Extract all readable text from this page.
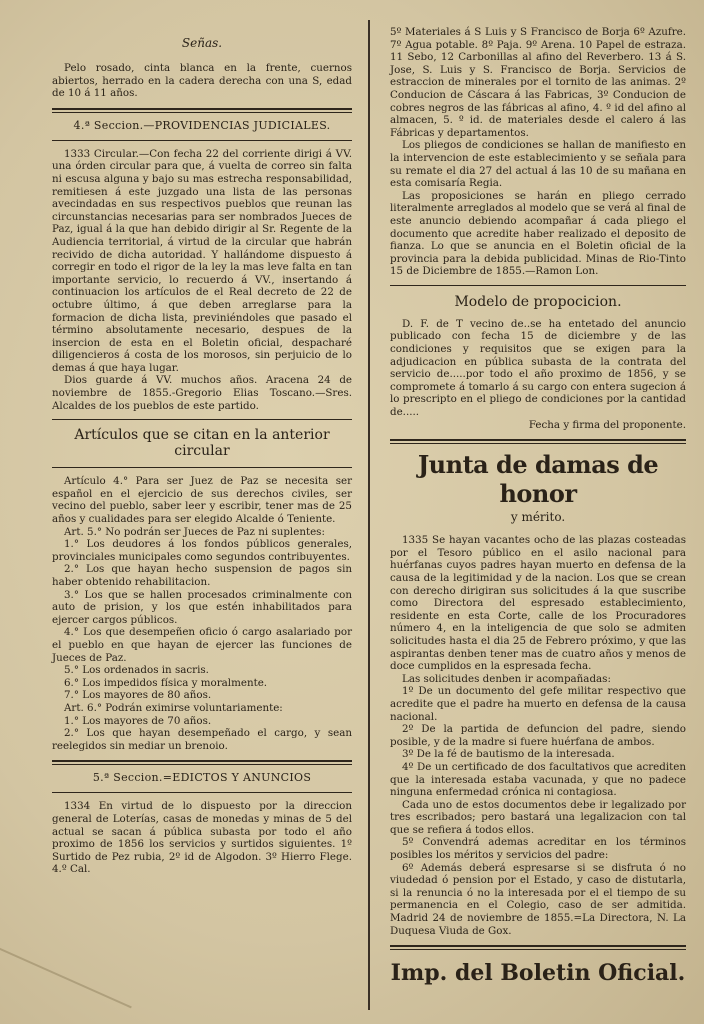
Señas.

Pelo rosado, cinta blanca en la frente, cuernos abiertos, herrado en la cadera derecha con una S, edad de 10 á 11 años.

4.ª Seccion.—PROVIDENCIAS JUDICIALES.

1333 Circular.—Con fecha 22 del corriente dirigi á VV. una órden circular para que, á vuelta de correo sin falta ni escusa alguna y bajo su mas estrecha responsabilidad, remitiesen á este juzgado una lista de las personas avecindadas en sus respectivos pueblos que reunan las circunstancias necesarias para ser nombrados Jueces de Paz, igual á la que han debido dirigir al Sr. Regente de la Audiencia territorial, á virtud de la circular que habrán recivido de dicha autoridad. Y hallándome dispuesto á corregir en todo el rigor de la ley la mas leve falta en tan importante servicio, lo recuerdo á VV., insertando á continuacion los artículos de el Real decreto de 22 de octubre último, á que deben arreglarse para la formacion de dicha lista, previniéndoles que pasado el término absolutamente necesario, despues de la insercion de esta en el Boletin oficial, despacharé diligencieros á costa de los morosos, sin perjuicio de lo demas á que haya lugar.

Dios guarde á VV. muchos años. Aracena 24 de noviembre de 1855.-Gregorio Elias Toscano.—Sres. Alcaldes de los pueblos de este partido.

Artículos que se citan en la anterior circular

Artículo 4.° Para ser Juez de Paz se necesita ser español en el ejercicio de sus derechos civiles, ser vecino del pueblo, saber leer y escribir, tener mas de 25 años y cualidades para ser elegido Alcalde ó Teniente.

Art. 5.° No podrán ser Jueces de Paz ni suplentes:

1.° Los deudores á los fondos públicos generales, provinciales municipales como segundos contribuyentes.

2.° Los que hayan hecho suspension de pagos sin haber obtenido rehabilitacion.

3.° Los que se hallen procesados criminalmente con auto de prision, y los que estén inhabilitados para ejercer cargos públicos.

4.° Los que desempeñen oficio ó cargo asalariado por el pueblo en que hayan de ejercer las funciones de Jueces de Paz.

5.° Los ordenados in sacris.

6.° Los impedidos física y moralmente.

7.° Los mayores de 80 años.

Art. 6.° Podrán eximirse voluntariamente:

1.° Los mayores de 70 años.

2.° Los que hayan desempeñado el cargo, y sean reelegidos sin mediar un brenoio.

5.ª Seccion.=EDICTOS Y ANUNCIOS

1334 En virtud de lo dispuesto por la direccion general de Loterías, casas de monedas y minas de 5 del actual se sacan á pública subasta por todo el año proximo de 1856 los servicios y surtidos siguientes. 1º Surtido de Pez rubia, 2º id de Algodon. 3º Hierro Flege. 4.º Cal.

5º Materiales á S Luis y S Francisco de Borja 6º Azufre. 7º Agua potable. 8º Paja. 9º Arena. 10 Papel de estraza. 11 Sebo, 12 Carbonillas al afino del Reverbero. 13 á S. Jose, S. Luis y S. Francisco de Borja. Servicios de estraccion de minerales por el tornito de las animas. 2º Conducion de Cáscara á las Fabricas, 3º Conducion de cobres negros de las fábricas al afino, 4. º id del afino al almacen, 5. º id. de materiales desde el calero á las Fábricas y departamentos.

Los pliegos de condiciones se hallan de manifiesto en la intervencion de este establecimiento y se señala para su remate el dia 27 del actual á las 10 de su mañana en esta comisaría Regia.

Las proposiciones se harán en pliego cerrado literalmente arreglados al modelo que se verá al final de este anuncio debiendo acompañar á cada pliego el documento que acredite haber realizado el deposito de fianza. Lo que se anuncia en el Boletin oficial de la provincia para la debida publicidad. Minas de Rio-Tinto 15 de Diciembre de 1855.—Ramon Lon.

Modelo de propocicion.

D. F. de T vecino de..se ha entetado del anuncio publicado con fecha 15 de diciembre y de las condiciones y requisitos que se exigen para la adjudicacion en pública subasta de la contrata del servicio de.....por todo el año proximo de 1856, y se compromete á tomarlo á su cargo con entera sugecion á lo prescripto en el pliego de condiciones por la cantidad de.....

Fecha y firma del proponente.

Junta de damas de honor
y mérito.

1335 Se hayan vacantes ocho de las plazas costeadas por el Tesoro público en el asilo nacional para huérfanas cuyos padres hayan muerto en defensa de la causa de la legitimidad y de la nacion. Los que se crean con derecho dirigiran sus solicitudes á la que suscribe como Directora del espresado establecimiento, residente en esta Corte, calle de los Procuradores número 4, en la inteligencia de que solo se admiten solicitudes hasta el dia 25 de Febrero próximo, y que las aspirantas denben tener mas de cuatro años y menos de doce cumplidos en la espresada fecha.

Las solicitudes denben ir acompañadas:

1º De un documento del gefe militar respectivo que acredite que el padre ha muerto en defensa de la causa nacional.

2º De la partida de defuncion del padre, siendo posible, y de la madre si fuere huérfana de ambos.

3º De la fé de bautismo de la interesada.

4º De un certificado de dos facultativos que acrediten que la interesada estaba vacunada, y que no padece ninguna enfermedad crónica ni contagiosa.

Cada uno de estos documentos debe ir legalizado por tres escribados; pero bastará una legalizacion con tal que se refiera á todos ellos.

5º Convendrá ademas acreditar en los términos posibles los méritos y servicios del padre:

6º Además deberá espresarse si se disfruta ó no viudedad ó pension por el Estado, y caso de distutarla, si la renuncia ó no la interesada por el el tiempo de su permanencia en el Colegio, caso de ser admitida. Madrid 24 de noviembre de 1855.=La Directora, N. La Duquesa Viuda de Gox.

Imp. del Boletin Oficial.
